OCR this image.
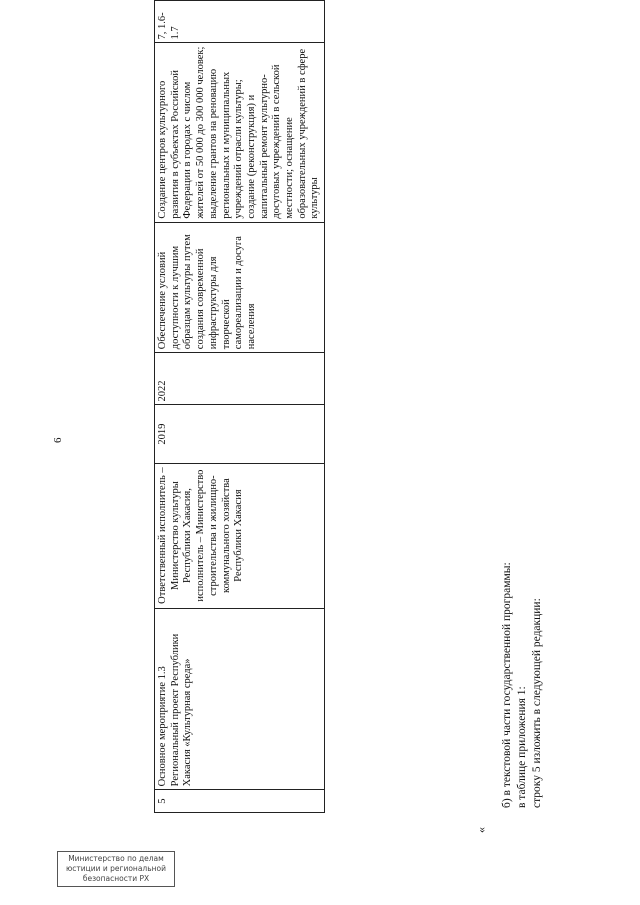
6
б) в текстовой части государственной программы: в таблице приложения 1: строку 5 изложить в следующей редакции:
«
5	Основное мероприятие 1.3 Региональный проект Республики Хакасия «Культурная среда»	Ответственный исполнитель – Министерство культуры Республики Хакасия, исполнитель – Министерство строительства и жилищно-коммунального хозяйства Республики Хакасия	2019	2022	Обеспечение условий доступности к лучшим образцам культуры путем создания современной инфраструктуры для творческой самореализации и досуга населения	Создание центров культурного развития в субъектах Российской Федерации в городах с числом жителей от 50 000 до 300 000 человек; выделение грантов на реновацию региональных и муниципальных учреждений отрасли культуры; создание (реконструкция) и капитальный ремонт культурно-досуговых учреждений в сельской местности; оснащение образовательных учреждений в сфере культуры	7, 1.6-1.7
Министерство по делам
юстиции и региональной
безопасности РХ
